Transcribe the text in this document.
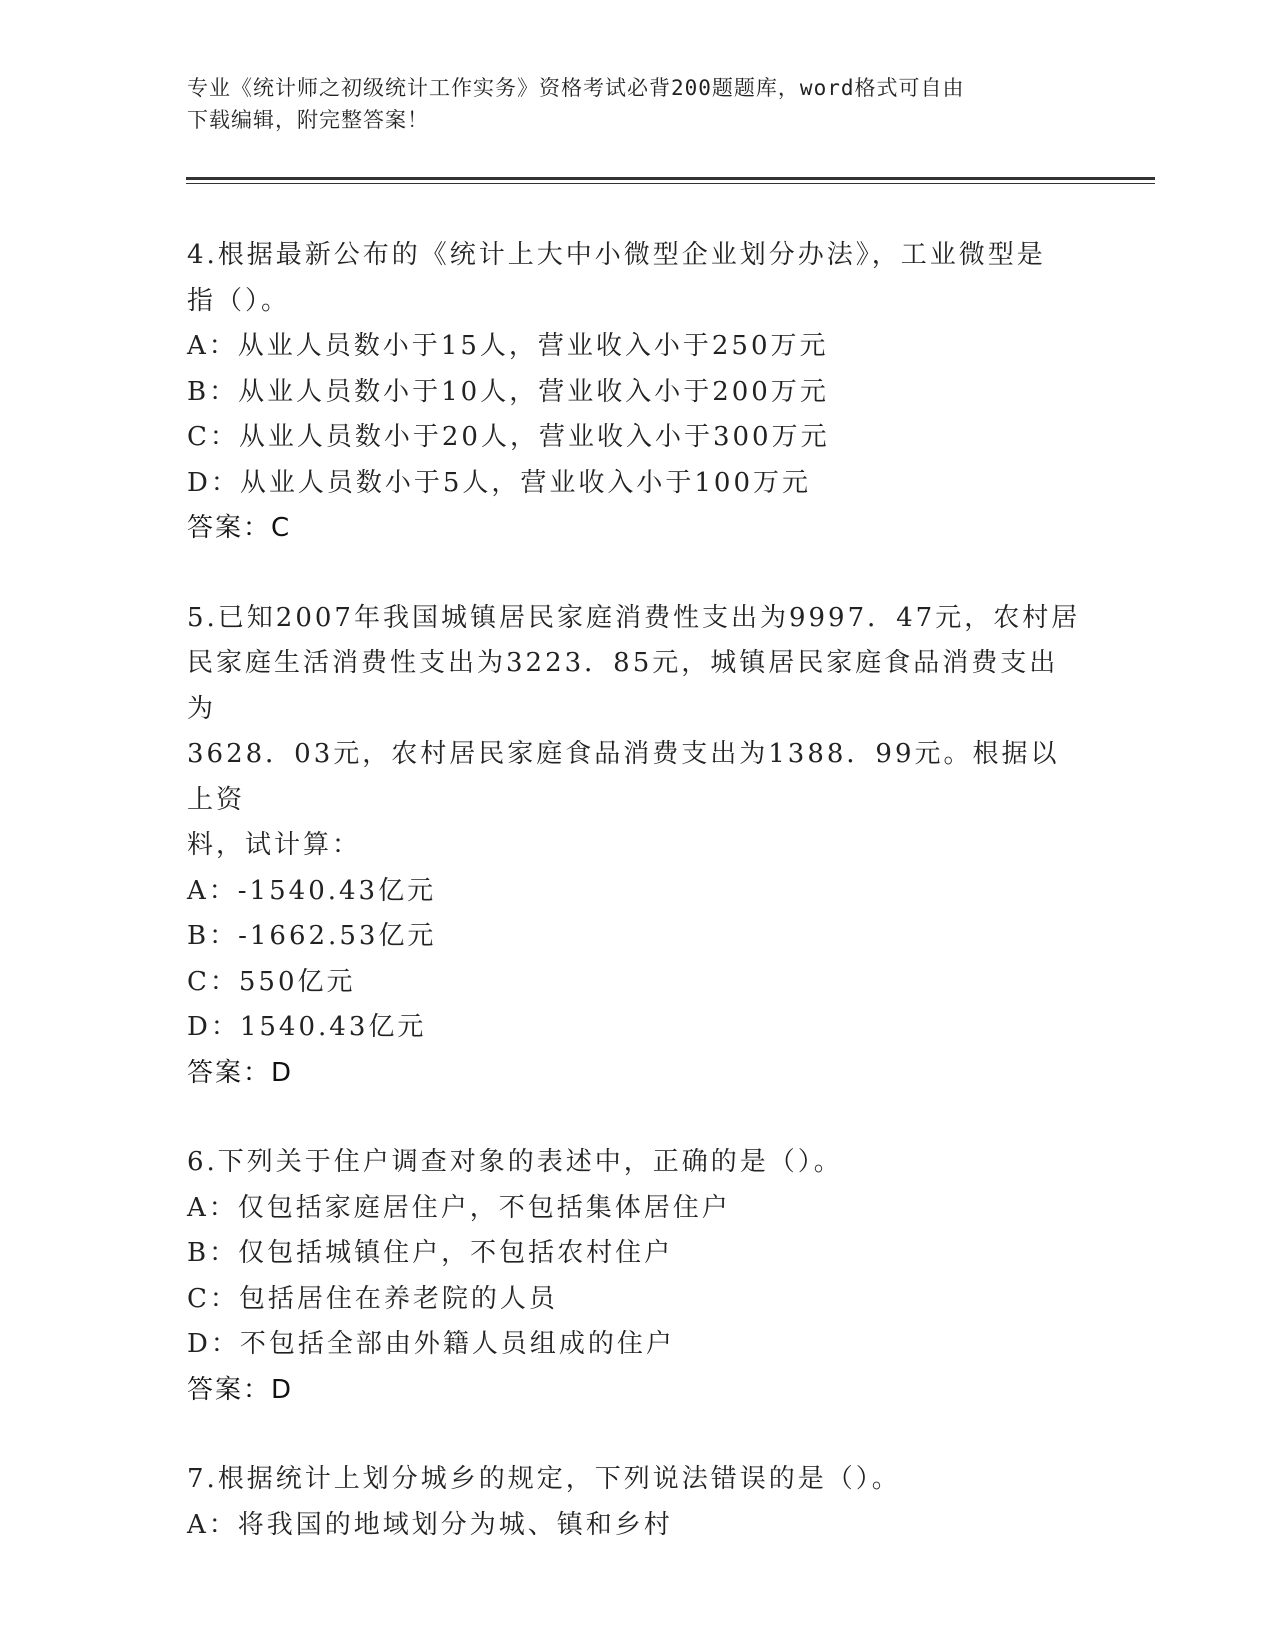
专业《统计师之初级统计工作实务》资格考试必背200题题库，word格式可自由
下载编辑，附完整答案！
4.根据最新公布的《统计上大中小微型企业划分办法》，工业微型是
指（）。
A：从业人员数小于15人，营业收入小于250万元
B：从业人员数小于10人，营业收入小于200万元
C：从业人员数小于20人，营业收入小于300万元
D：从业人员数小于5人，营业收入小于100万元
答案：C
5.已知2007年我国城镇居民家庭消费性支出为9997．47元，农村居
民家庭生活消费性支出为3223．85元，城镇居民家庭食品消费支出为
3628．03元，农村居民家庭食品消费支出为1388．99元。根据以上资
料，试计算：
A：-1540.43亿元
B：-1662.53亿元
C：550亿元
D：1540.43亿元
答案：D
6.下列关于住户调查对象的表述中，正确的是（）。
A：仅包括家庭居住户，不包括集体居住户
B：仅包括城镇住户，不包括农村住户
C：包括居住在养老院的人员
D：不包括全部由外籍人员组成的住户
答案：D
7.根据统计上划分城乡的规定，下列说法错误的是（）。
A：将我国的地域划分为城、镇和乡村
